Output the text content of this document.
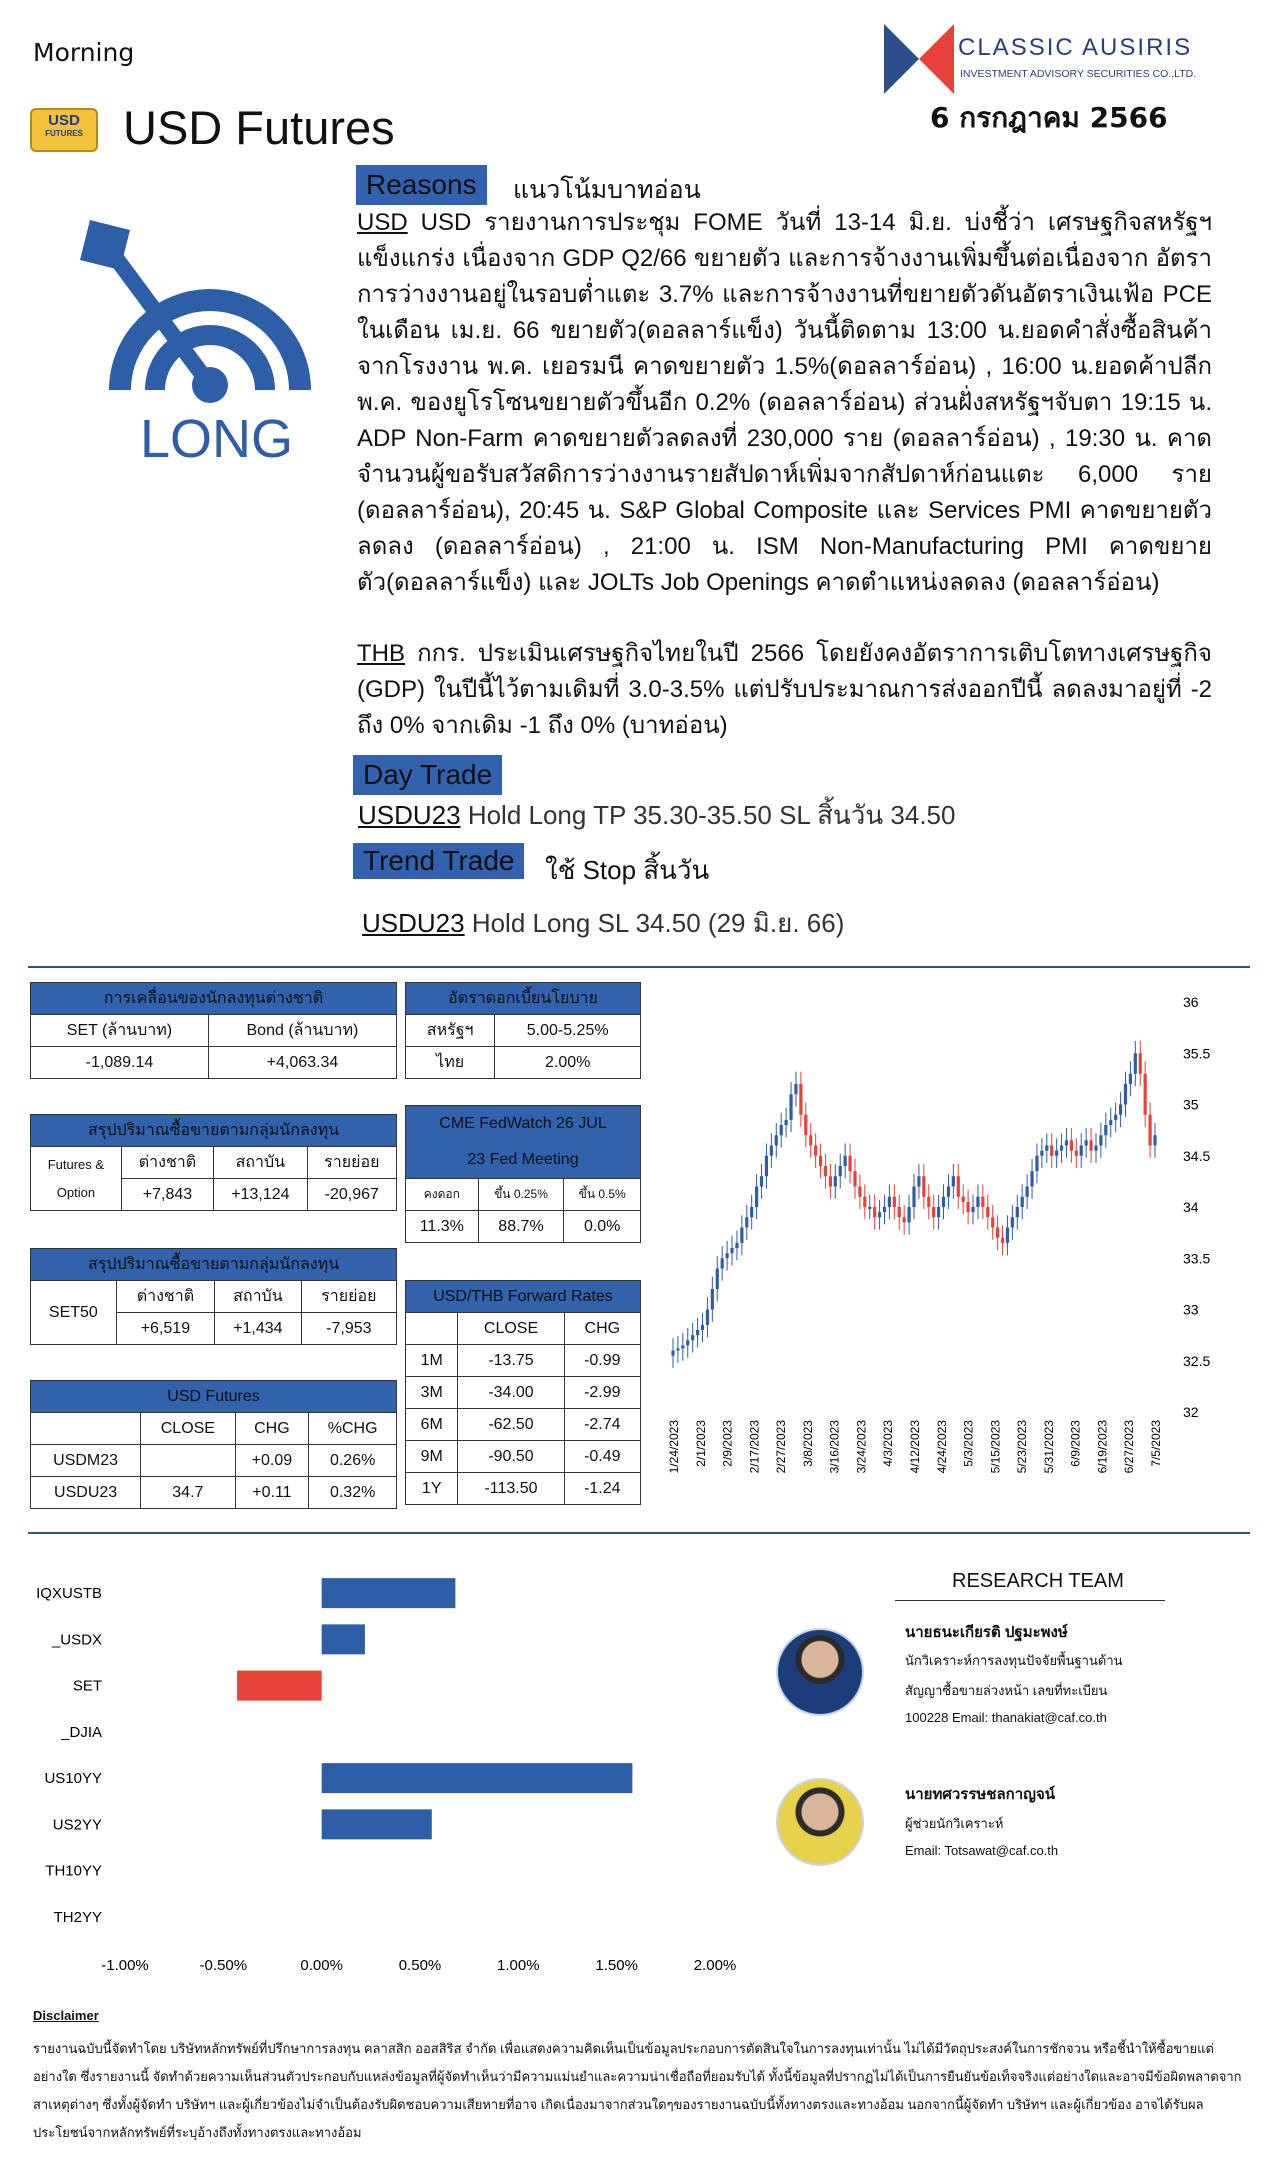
Morning	CLASSIC AUSIRIS
INVESTMENT ADVISORY SECURITIES CO.,LTD.
6 กรกฎาคม 2566
USD
FUTURES USD Futures
LONG
Reasons	แนวโน้มบาทอ่อน
USD USD รายงานการประชุม FOME วันที่ 13-14 มิ.ย. บ่งชี้ว่า เศรษฐกิจสหรัฐฯ แข็งแกร่ง เนื่องจาก GDP Q2/66 ขยายตัว และการจ้างงานเพิ่มขึ้นต่อเนื่องจาก อัตราการว่างงานอยู่ในรอบต่ำแตะ 3.7% และการจ้างงานที่ขยายตัวดันอัตราเงินเฟ้อ PCE ในเดือน เม.ย. 66 ขยายตัว(ดอลลาร์แข็ง) วันนี้ติดตาม 13:00 น.ยอดคำสั่งซื้อสินค้าจากโรงงาน พ.ค. เยอรมนี คาดขยายตัว 1.5%(ดอลลาร์อ่อน) , 16:00 น.ยอดค้าปลีก พ.ค. ของยูโรโซนขยายตัวขึ้นอีก 0.2% (ดอลลาร์อ่อน) ส่วนฝั่งสหรัฐฯจับตา 19:15 น. ADP Non-Farm คาดขยายตัวลดลงที่ 230,000 ราย (ดอลลาร์อ่อน) , 19:30 น. คาดจำนวนผู้ขอรับสวัสดิการว่างงานรายสัปดาห์เพิ่มจากสัปดาห์ก่อนแตะ 6,000 ราย (ดอลลาร์อ่อน), 20:45 น. S&P Global Composite และ Services PMI คาดขยายตัวลดลง (ดอลลาร์อ่อน) , 21:00 น. ISM Non-Manufacturing PMI คาดขยายตัว(ดอลลาร์แข็ง) และ JOLTs Job Openings คาดตำแหน่งลดลง (ดอลลาร์อ่อน)
THB กกร. ประเมินเศรษฐกิจไทยในปี 2566 โดยยังคงอัตราการเติบโตทางเศรษฐกิจ (GDP) ในปีนี้ไว้ตามเดิมที่ 3.0-3.5% แต่ปรับประมาณการส่งออกปีนี้ ลดลงมาอยู่ที่ -2 ถึง 0% จากเดิม -1 ถึง 0% (บาทอ่อน)
Day Trade
USDU23 Hold Long TP 35.30-35.50 SL สิ้นวัน 34.50
Trend Trade	ใช้ Stop สิ้นวัน
USDU23 Hold Long SL 34.50 (29 มิ.ย. 66)
การเคลื่อนของนักลงทุนต่างชาติ	
SET (ล้านบาท)	Bond (ล้านบาท)
-1,089.14	+4,063.34
อัตราดอกเบี้ยนโยบาย	
สหรัฐฯ	5.00-5.25%
ไทย	2.00%
สรุปปริมาณซื้อขายตามกลุ่มนักลงทุน			

Futures &
Option	ต่างชาติ	สถาบัน	รายย่อย
	+7,843	+13,124	-20,967
CME FedWatch 26 JUL
23 Fed Meeting		

คงดอก	ขึ้น 0.25%	ขึ้น 0.5%
11.3%	88.7%	0.0%
สรุปปริมาณซื้อขายตามกลุ่มนักลงทุน			
SET50	ต่างชาติ	สถาบัน	รายย่อย
	+6,519	+1,434	-7,953
USD/THB Forward Rates		
	CLOSE	CHG
1M	-13.75	-0.99
3M	-34.00	-2.99
6M	-62.50	-2.74
9M	-90.50	-0.49
1Y	-113.50	-1.24
USD Futures			
	CLOSE	CHG	%CHG
USDM23		+0.09	0.26%
USDU23	34.7	+0.11	0.32%
36
35.5
35
34.5
34
33.5
33
32.5
32
1/24/2023 2/1/2023 2/9/2023 2/17/2023 2/27/2023 3/8/2023 3/16/2023 3/24/2023 4/3/2023 4/12/2023 4/24/2023 5/3/2023 5/15/2023 5/23/2023 5/31/2023 6/9/2023 6/19/2023 6/27/2023 7/5/2023
IQXUSTB
_USDX
SET
_DJIA
US10YY
US2YY
TH10YY
TH2YY
-1.00%	-0.50%	0.00%	0.50%	1.00%	1.50%	2.00%
RESEARCH TEAM
นายธนะเกียรติ ปฐมะพงษ์
นักวิเคราะห์การลงทุนปัจจัยพื้นฐานด้าน
สัญญาซื้อขายล่วงหน้า เลขที่ทะเบียน
100228 Email: thanakiat@caf.co.th
นายทศวรรษชลกาญจน์
ผู้ช่วยนักวิเคราะห์
Email: Totsawat@caf.co.th
Disclaimer
รายงานฉบับนี้จัดทำโดย บริษัทหลักทรัพย์ที่ปรึกษาการลงทุน คลาสสิก ออสสิริส จำกัด เพื่อแสดงความคิดเห็นเป็นข้อมูลประกอบการตัดสินใจในการลงทุนเท่านั้น ไม่ได้มีวัตถุประสงค์ในการชักจวน หรือชี้นำให้ซื้อขายแต่อย่างใด ซึ่งรายงานนี้ จัดทำด้วยความเห็นส่วนตัวประกอบกับแหล่งข้อมูลที่ผู้จัดทำเห็นว่ามีความแม่นยำและความน่าเชื่อถือที่ยอมรับได้ ทั้งนี้ข้อมูลที่ปรากฏไม่ได้เป็นการยืนยันข้อเท็จจริงแต่อย่างใดและอาจมีข้อผิดพลาดจากสาเหตุต่างๆ ซึ่งทั้งผู้จัดทำ บริษัทฯ และผู้เกี่ยวข้องไม่จำเป็นต้องรับผิดชอบความเสียหายที่อาจ เกิดเนื่องมาจากส่วนใดๆของรายงานฉบับนี้ทั้งทางตรงและทางอ้อม นอกจากนี้ผู้จัดทำ บริษัทฯ และผู้เกี่ยวข้อง อาจได้รับผลประโยชน์จากหลักทรัพย์ที่ระบุอ้างถึงทั้งทางตรงและทางอ้อม
